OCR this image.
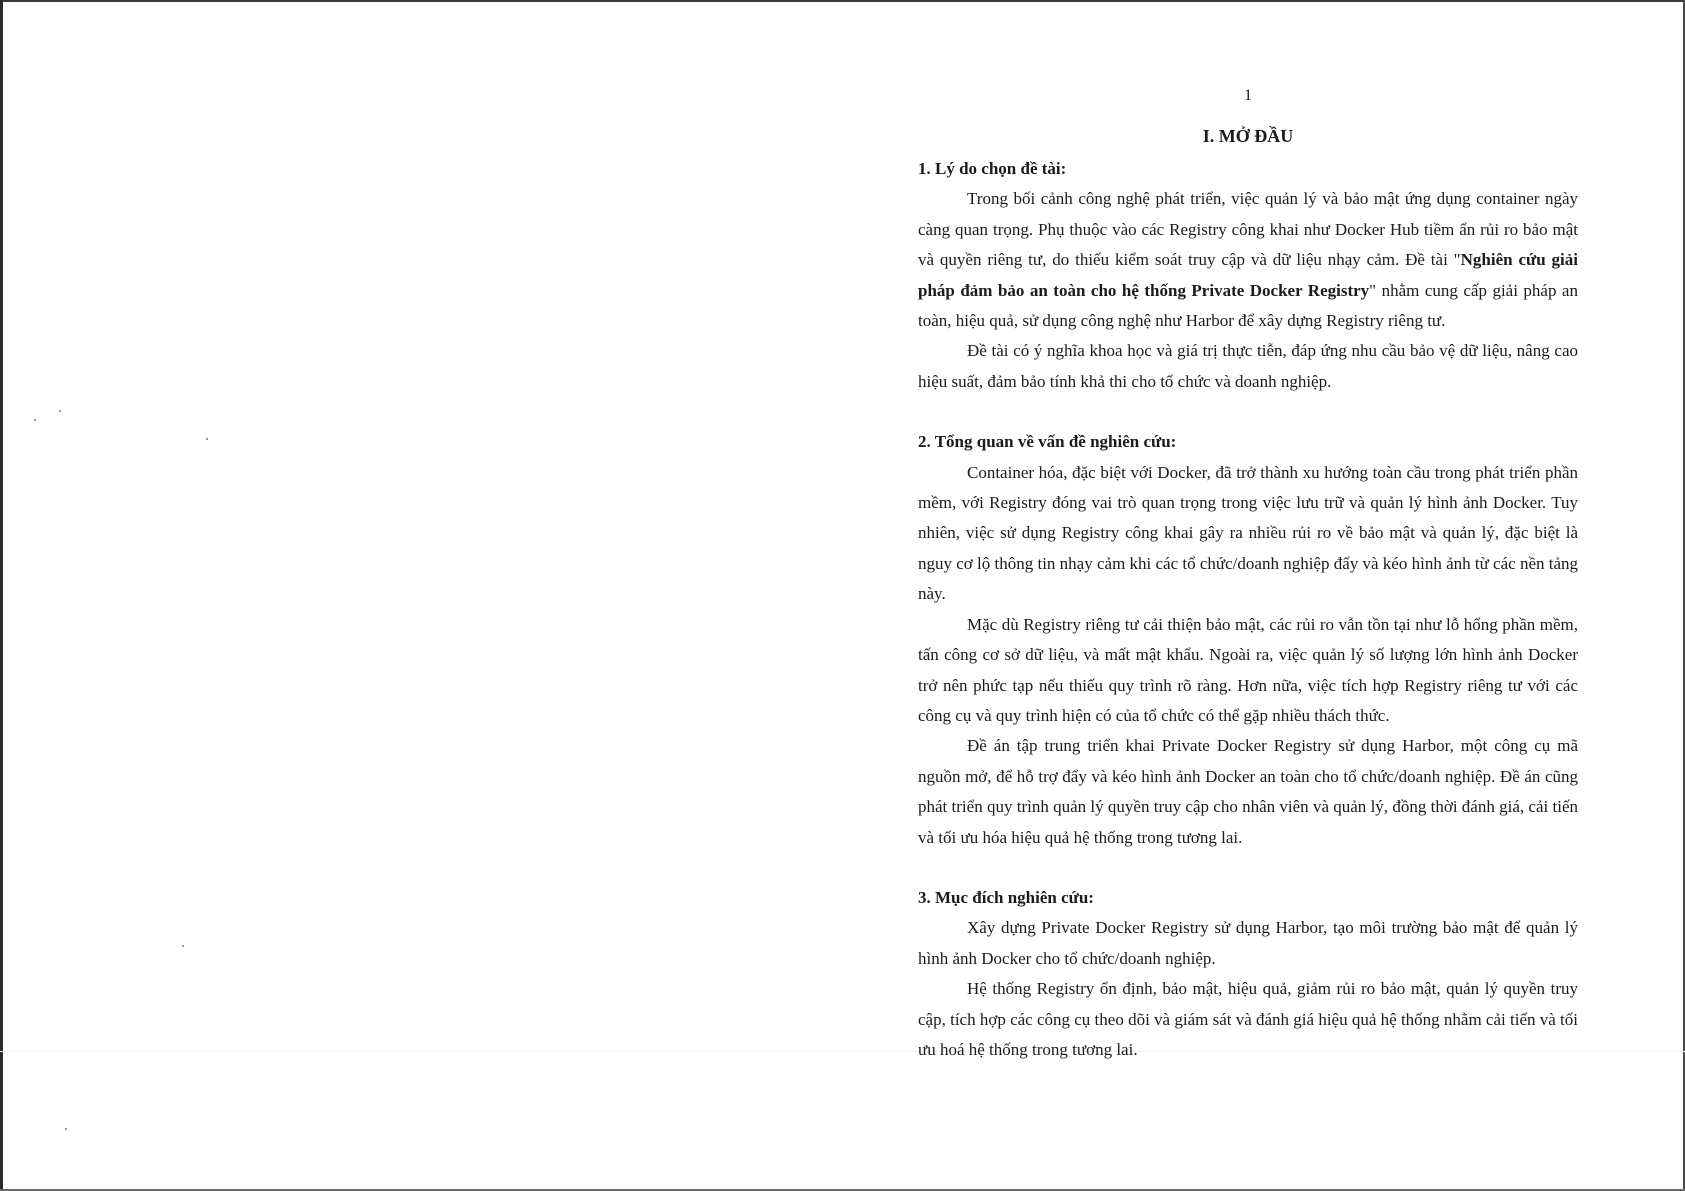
1
I. MỞ ĐẦU

1. Lý do chọn đề tài:

Trong bối cảnh công nghệ phát triển, việc quản lý và bảo mật ứng dụng container ngày càng quan trọng. Phụ thuộc vào các Registry công khai như Docker Hub tiềm ẩn rủi ro bảo mật và quyền riêng tư, do thiếu kiểm soát truy cập và dữ liệu nhạy cảm. Đề tài "Nghiên cứu giải pháp đảm bảo an toàn cho hệ thống Private Docker Registry" nhằm cung cấp giải pháp an toàn, hiệu quả, sử dụng công nghệ như Harbor để xây dựng Registry riêng tư.

Đề tài có ý nghĩa khoa học và giá trị thực tiễn, đáp ứng nhu cầu bảo vệ dữ liệu, nâng cao hiệu suất, đảm bảo tính khả thi cho tổ chức và doanh nghiệp.

2. Tổng quan về vấn đề nghiên cứu:

Container hóa, đặc biệt với Docker, đã trở thành xu hướng toàn cầu trong phát triển phần mềm, với Registry đóng vai trò quan trọng trong việc lưu trữ và quản lý hình ảnh Docker. Tuy nhiên, việc sử dụng Registry công khai gây ra nhiều rủi ro về bảo mật và quản lý, đặc biệt là nguy cơ lộ thông tin nhạy cảm khi các tổ chức/doanh nghiệp đẩy và kéo hình ảnh từ các nền tảng này.

Mặc dù Registry riêng tư cải thiện bảo mật, các rủi ro vẫn tồn tại như lỗ hổng phần mềm, tấn công cơ sở dữ liệu, và mất mật khẩu. Ngoài ra, việc quản lý số lượng lớn hình ảnh Docker trở nên phức tạp nếu thiếu quy trình rõ ràng. Hơn nữa, việc tích hợp Registry riêng tư với các công cụ và quy trình hiện có của tổ chức có thể gặp nhiều thách thức.

Đề án tập trung triển khai Private Docker Registry sử dụng Harbor, một công cụ mã nguồn mở, để hỗ trợ đẩy và kéo hình ảnh Docker an toàn cho tổ chức/doanh nghiệp. Đề án cũng phát triển quy trình quản lý quyền truy cập cho nhân viên và quản lý, đồng thời đánh giá, cải tiến và tối ưu hóa hiệu quả hệ thống trong tương lai.

3. Mục đích nghiên cứu:

Xây dựng Private Docker Registry sử dụng Harbor, tạo môi trường bảo mật để quản lý hình ảnh Docker cho tổ chức/doanh nghiệp.

Hệ thống Registry ổn định, bảo mật, hiệu quả, giảm rủi ro bảo mật, quản lý quyền truy cập, tích hợp các công cụ theo dõi và giám sát và đánh giá hiệu quả hệ thống nhằm cải tiến và tối ưu hoá hệ thống trong tương lai.
